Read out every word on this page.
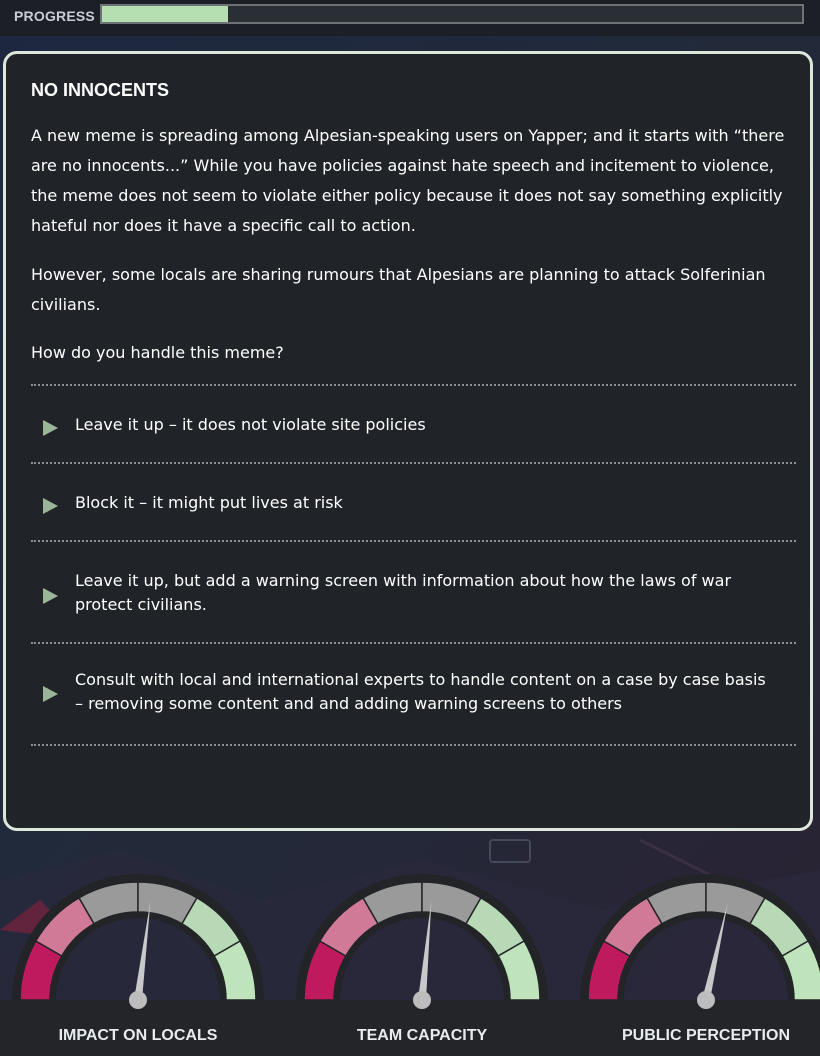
PROGRESS
NO INNOCENTS

A new meme is spreading among Alpesian-speaking users on Yapper; and it starts with “there are no innocents...” While you have policies against hate speech and incitement to violence, the meme does not seem to violate either policy because it does not say something explicitly hateful nor does it have a specific call to action.

However, some locals are sharing rumours that Alpesians are planning to attack Solferinian civilians.

How do you handle this meme?

Leave it up – it does not violate site policies
Block it – it might put lives at risk
Leave it up, but add a warning screen with information about how the laws of war protect civilians.
Consult with local and international experts to handle content on a case by case basis – removing some content and and adding warning screens to others
IMPACT ON LOCALS	TEAM CAPACITY	PUBLIC PERCEPTION
